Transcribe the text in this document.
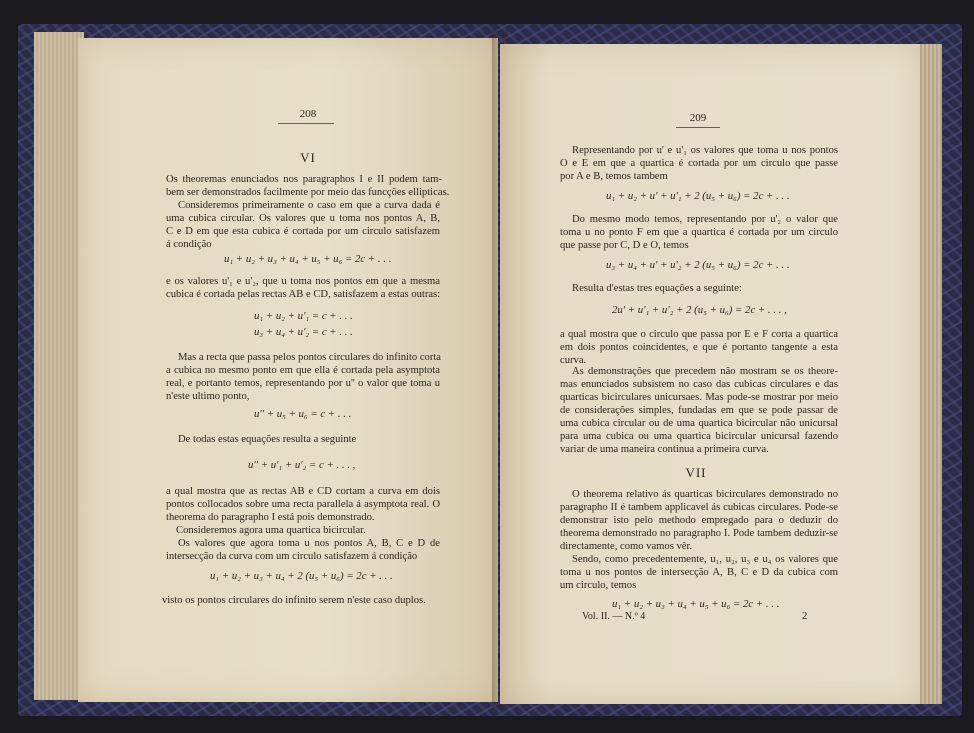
208
VI
Os theoremas enunciados nos paragraphos I e II podem tam-
bem ser demonstrados facilmente por meio das funcções ellipticas.
Consideremos primeiramente o caso em que a curva dada é
uma cubica circular. Os valores que u toma nos pontos A, B,
C e D em que esta cubica é cortada por um circulo satisfazem
á condição
u₁ + u₂ + u₃ + u₄ + u₅ + u₆ = 2c + . . .
e os valores u'₁ e u'₂, que u toma nos pontos em que a mesma
cubica é cortada pelas rectas AB e CD, satisfazem a estas outras:
u₁ + u₂ + u'₁ = c + . . .
u₃ + u₄ + u'₂ = c + . . .
Mas a recta que passa pelos pontos circulares do infinito corta
a cubica no mesmo ponto em que ella é cortada pela asymptota
real, e portanto temos, representando por u'' o valor que toma u
n'este ultimo ponto,
u'' + u₅ + u₆ = c + . . .
De todas estas equações resulta a seguinte
u'' + u'₁ + u'₂ = c + . . . ,
a qual mostra que as rectas AB e CD cortam a curva em dois
pontos collocados sobre uma recta parallela á asymptota real. O
theorema do paragrapho I está pois demonstrado.
Consideremos agora uma quartica bicircular.
Os valores que agora toma u nos pontos A, B, C e D de
intersecção da curva com um circulo satisfazem á condição
u₁ + u₂ + u₃ + u₄ + 2 (u₅ + u₆) = 2c + . . .
visto os pontos circulares do infinito serem n'este caso duplos.
209
Representando por u' e u'₁ os valores que toma u nos pontos
O e E em que a quartica é cortada por um circulo que passe
por A e B, temos tambem
u₁ + u₂ + u' + u'₁ + 2 (u₅ + u₆) = 2c + . . .
Do mesmo modo temos, representando por u'₂ o valor que
toma u no ponto F em que a quartica é cortada por um circulo
que passe por C, D e O, temos
u₃ + u₄ + u' + u'₂ + 2 (u₅ + u₆) = 2c + . . .
Resulta d'estas tres equações a seguinte:
2u' + u'₁ + u'₂ + 2 (u₅ + u₆) = 2c + . . . ,
a qual mostra que o circulo que passa por E e F corta a quartica
em dois pontos coincidentes, e que é portanto tangente a esta
curva.
As demonstrações que precedem não mostram se os theore-
mas enunciados subsistem no caso das cubicas circulares e das
quarticas bicirculares unicursaes. Mas pode-se mostrar por meio
de considerações simples, fundadas em que se pode passar de
uma cubica circular ou de uma quartica bicircular não unicursal
para uma cubica ou uma quartica bicircular unicursal fazendo
variar de uma maneira continua a primeira curva.
VII
O theorema relativo ás quarticas bicirculares demonstrado no
paragrapho II é tambem applicavel ás cubicas circulares. Pode-se
demonstrar isto pelo methodo empregado para o deduzir do
theorema demonstrado no paragrapho I. Pode tambem deduzir-se
directamente, como vamos vêr.
Sendo, como precedentemente, u₁, u₂, u₃ e u₄ os valores que
toma u nos pontos de intersecção A, B, C e D da cubica com
um circulo, temos
u₁ + u₂ + u₃ + u₄ + u₅ + u₆ = 2c + . . .
Vol. II. — N.º 4	2
